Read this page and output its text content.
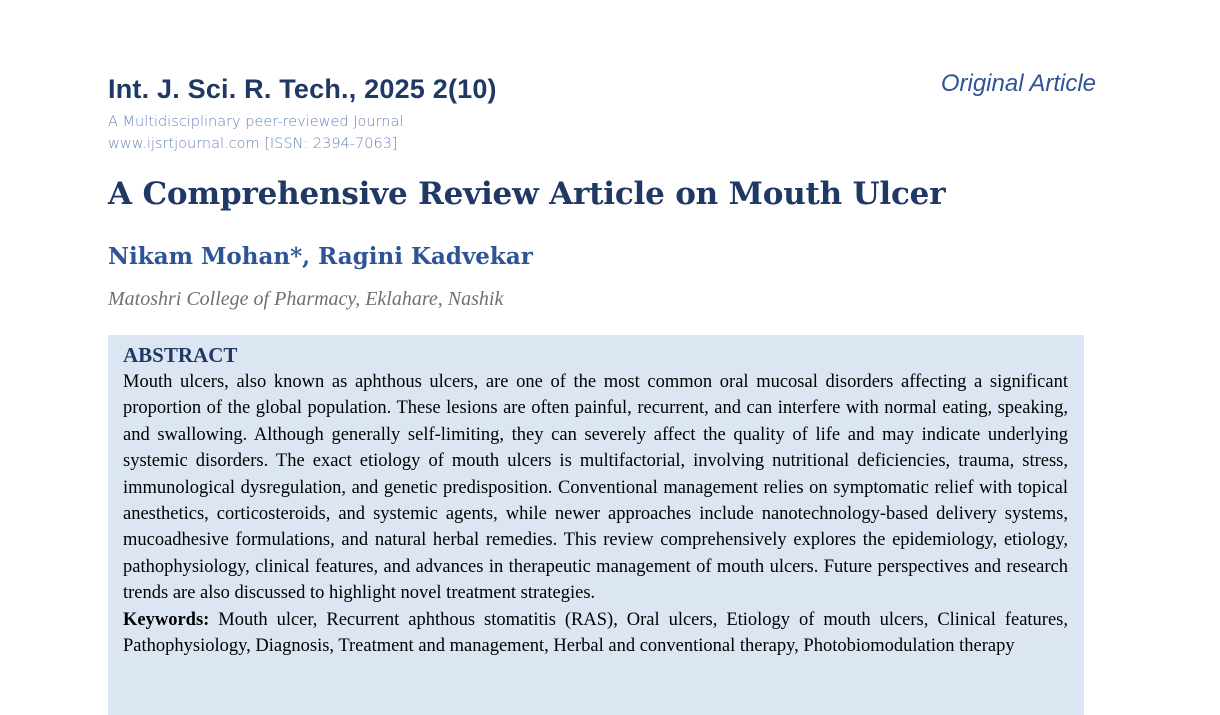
Int. J. Sci. R. Tech., 2025 2(10)	Original Article
A Multidisciplinary peer-reviewed Journal
www.ijsrtjournal.com [ISSN: 2394-7063]
A Comprehensive Review Article on Mouth Ulcer
Nikam Mohan*, Ragini Kadvekar
Matoshri College of Pharmacy, Eklahare, Nashik
ABSTRACT

Mouth ulcers, also known as aphthous ulcers, are one of the most common oral mucosal disorders affecting a significant proportion of the global population. These lesions are often painful, recurrent, and can interfere with normal eating, speaking, and swallowing. Although generally self-limiting, they can severely affect the quality of life and may indicate underlying systemic disorders. The exact etiology of mouth ulcers is multifactorial, involving nutritional deficiencies, trauma, stress, immunological dysregulation, and genetic predisposition. Conventional management relies on symptomatic relief with topical anesthetics, corticosteroids, and systemic agents, while newer approaches include nanotechnology-based delivery systems, mucoadhesive formulations, and natural herbal remedies. This review comprehensively explores the epidemiology, etiology, pathophysiology, clinical features, and advances in therapeutic management of mouth ulcers. Future perspectives and research trends are also discussed to highlight novel treatment strategies.

Keywords: Mouth ulcer, Recurrent aphthous stomatitis (RAS), Oral ulcers, Etiology of mouth ulcers, Clinical features, Pathophysiology, Diagnosis, Treatment and management, Herbal and conventional therapy, Photobiomodulation therapy
